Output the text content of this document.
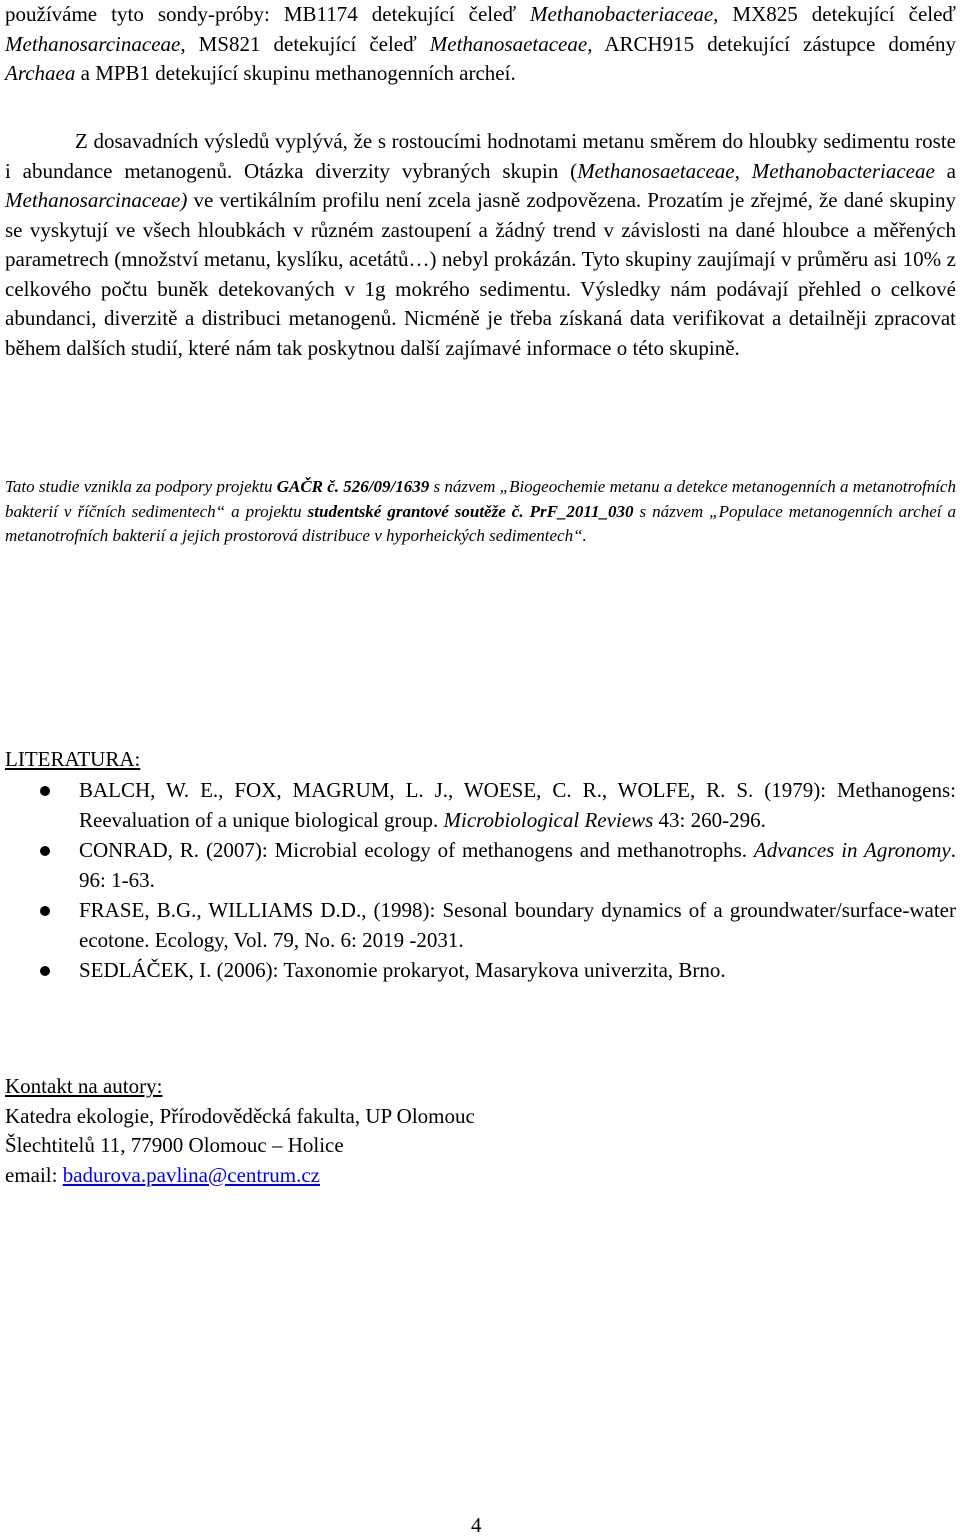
používáme tyto sondy-próby: MB1174 detekující čeleď Methanobacteriaceae, MX825 detekující čeleď Methanosarcinaceae, MS821 detekující čeleď Methanosaetaceae, ARCH915 detekující zástupce domény Archaea a MPB1 detekující skupinu methanogenních archeí.

Z dosavadních výsledů vyplývá, že s rostoucími hodnotami metanu směrem do hloubky sedimentu roste i abundance metanogenů. Otázka diverzity vybraných skupin (Methanosaetaceae, Methanobacteriaceae a Methanosarcinaceae) ve vertikálním profilu není zcela jasně zodpovězena. Prozatím je zřejmé, že dané skupiny se vyskytují ve všech hloubkách v různém zastoupení a žádný trend v závislosti na dané hloubce a měřených parametrech (množství metanu, kyslíku, acetátů…) nebyl prokázán. Tyto skupiny zaujímají v průměru asi 10% z celkového počtu buněk detekovaných v 1g mokrého sedimentu. Výsledky nám podávají přehled o celkové abundanci, diverzitě a distribuci metanogenů. Nicméně je třeba získaná data verifikovat a detailněji zpracovat během dalších studií, které nám tak poskytnou další zajímavé informace o této skupině.

Tato studie vznikla za podpory projektu GAČR č. 526/09/1639 s názvem „Biogeochemie metanu a detekce metanogenních a metanotrofních bakterií v říčních sedimentech“ a projektu studentské grantové soutěže č. PrF_2011_030 s názvem „Populace metanogenních archeí a metanotrofních bakterií a jejich prostorová distribuce v hyporheických sedimentech“.

LITERATURA:
BALCH, W. E., FOX, MAGRUM, L. J., WOESE, C. R., WOLFE, R. S. (1979): Methanogens: Reevaluation of a unique biological group. Microbiological Reviews 43: 260-296.
CONRAD, R. (2007): Microbial ecology of methanogens and methanotrophs. Advances in Agronomy. 96: 1-63.
FRASE, B.G., WILLIAMS D.D., (1998): Sesonal boundary dynamics of a groundwater/surface-water ecotone. Ecology, Vol. 79, No. 6: 2019 -2031.
SEDLÁČEK, I. (2006): Taxonomie prokaryot, Masarykova univerzita, Brno.
Kontakt na autory:
Katedra ekologie, Přírodověděcká fakulta, UP Olomouc
Šlechtitelů 11, 77900 Olomouc – Holice
email: badurova.pavlina@centrum.cz
4
